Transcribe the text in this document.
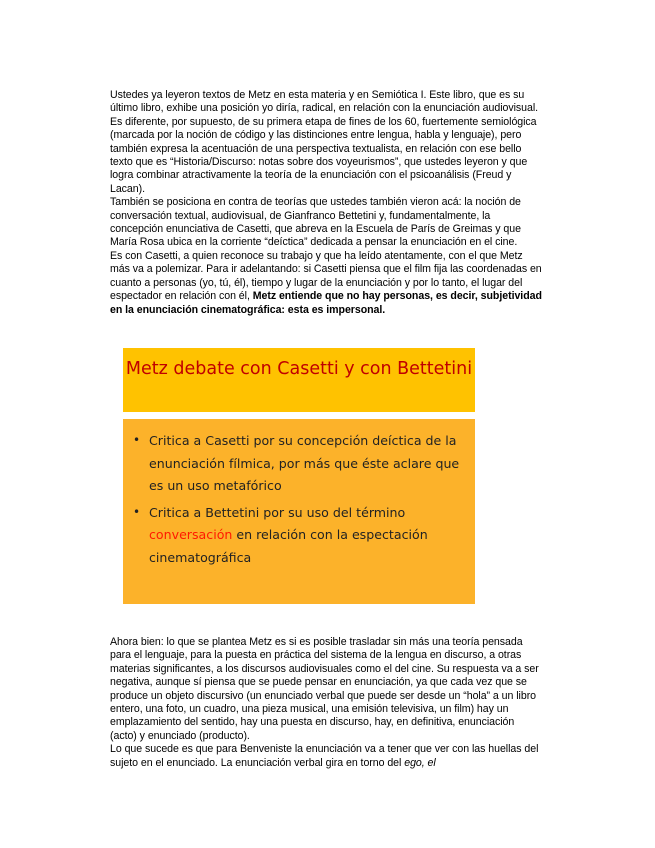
Ustedes ya leyeron textos de Metz en esta materia y en Semiótica I. Este libro, que es su último libro, exhibe una posición yo diría, radical, en relación con la enunciación audiovisual. Es diferente, por supuesto, de su primera etapa de fines de los 60, fuertemente semiológica (marcada por la noción de código y las distinciones entre lengua, habla y lenguaje), pero también expresa la acentuación de una perspectiva textualista, en relación con ese bello texto que es “Historia/Discurso: notas sobre dos voyeurismos”, que ustedes leyeron y que logra combinar atractivamente la teoría de la enunciación con el psicoanálisis (Freud y Lacan).

También se posiciona en contra de teorías que ustedes también vieron acá: la noción de conversación textual, audiovisual, de Gianfranco Bettetini y, fundamentalmente, la concepción enunciativa de Casetti, que abreva en la Escuela de París de Greimas y que María Rosa ubica en la corriente “deíctica” dedicada a pensar la enunciación en el cine.

Es con Casetti, a quien reconoce su trabajo y que ha leído atentamente, con el que Metz más va a polemizar. Para ir adelantando: si Casetti piensa que el film fija las coordenadas en cuanto a personas (yo, tú, él), tiempo y lugar de la enunciación y por lo tanto, el lugar del espectador en relación con él, Metz entiende que no hay personas, es decir, subjetividad en la enunciación cinematográfica: esta es impersonal.

Metz debate con Casetti y con Bettetini
• Critica a Casetti por su concepción deíctica de la enunciación fílmica, por más que éste aclare que es un uso metafórico
• Critica a Bettetini por su uso del término conversación en relación con la espectación cinematográfica

Ahora bien: lo que se plantea Metz es si es posible trasladar sin más una teoría pensada para el lenguaje, para la puesta en práctica del sistema de la lengua en discurso, a otras materias significantes, a los discursos audiovisuales como el del cine. Su respuesta va a ser negativa, aunque sí piensa que se puede pensar en enunciación, ya que cada vez que se produce un objeto discursivo (un enunciado verbal que puede ser desde un “hola” a un libro entero, una foto, un cuadro, una pieza musical, una emisión televisiva, un film) hay un emplazamiento del sentido, hay una puesta en discurso, hay, en definitiva, enunciación (acto) y enunciado (producto).

Lo que sucede es que para Benveniste la enunciación va a tener que ver con las huellas del sujeto en el enunciado. La enunciación verbal gira en torno del ego, el
